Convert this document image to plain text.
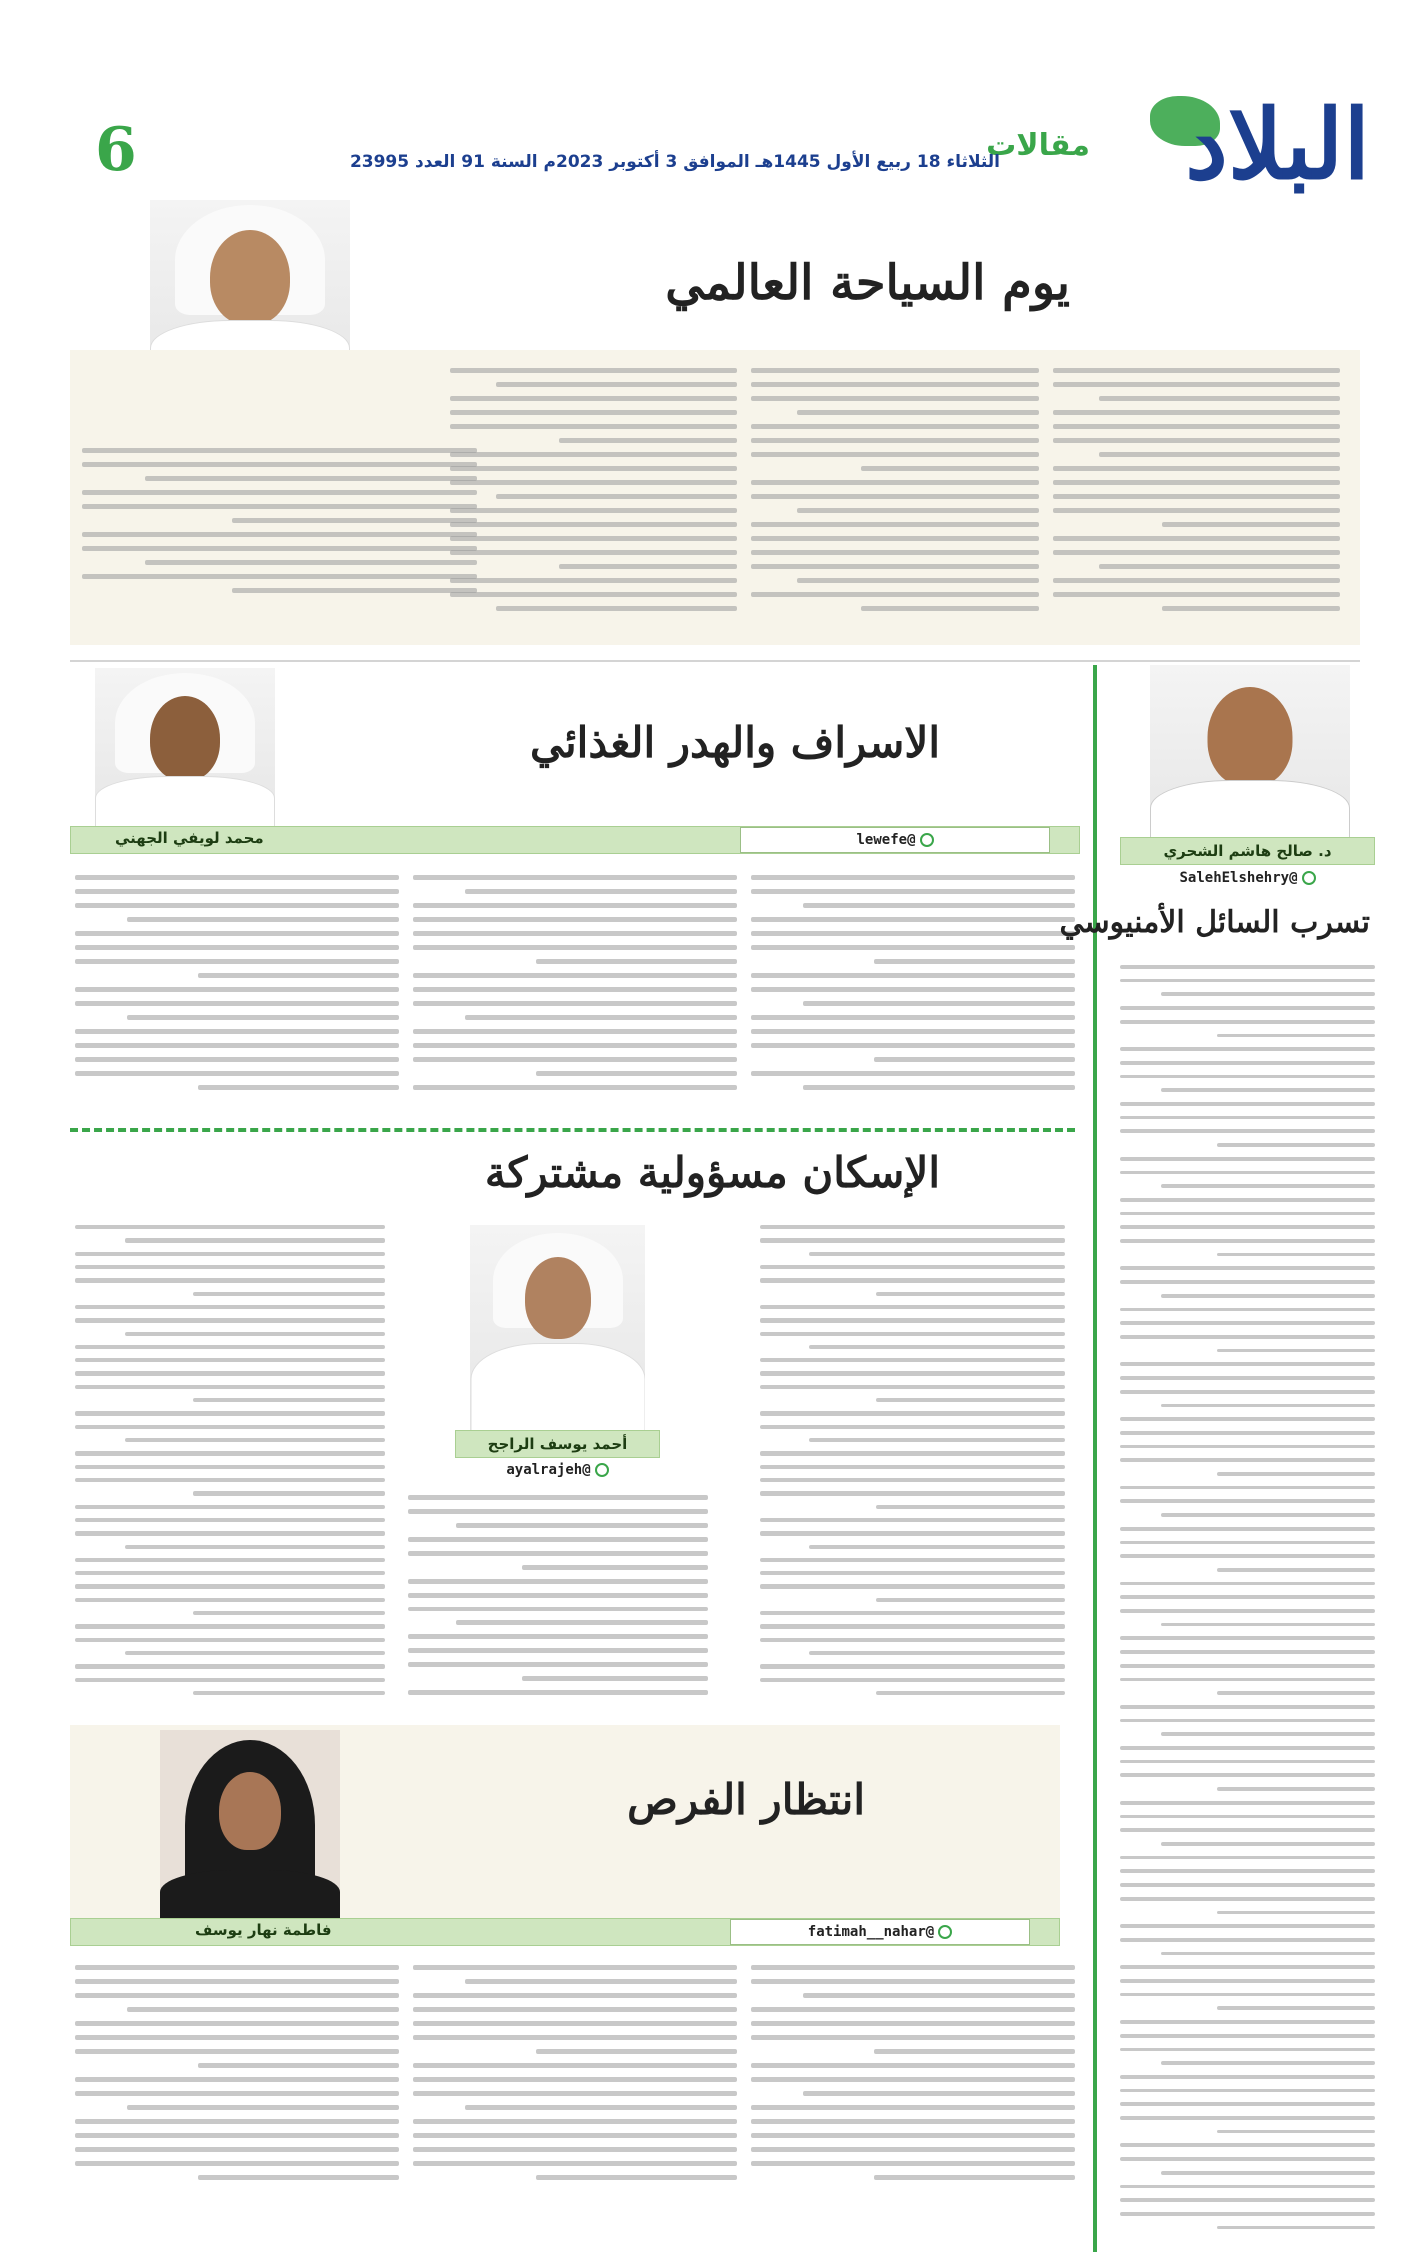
البلاد
مقالات
الثلاثاء 18 ربيع الأول 1445هـ الموافق 3 أكتوبر 2023م السنة 91 العدد 23995
6
يوم السياحة العالمي
الاسراف والهدر الغذائي
محمد لويفي الجهني	@lewefe
د. صالح هاشم الشحري
@SalehElshehry
تسرب السائل الأمنيوسي
الإسكان مسؤولية مشتركة
أحمد يوسف الراجح
@ayalrajeh
انتظار الفرص
فاطمة نهار يوسف	@fatimah__nahar
